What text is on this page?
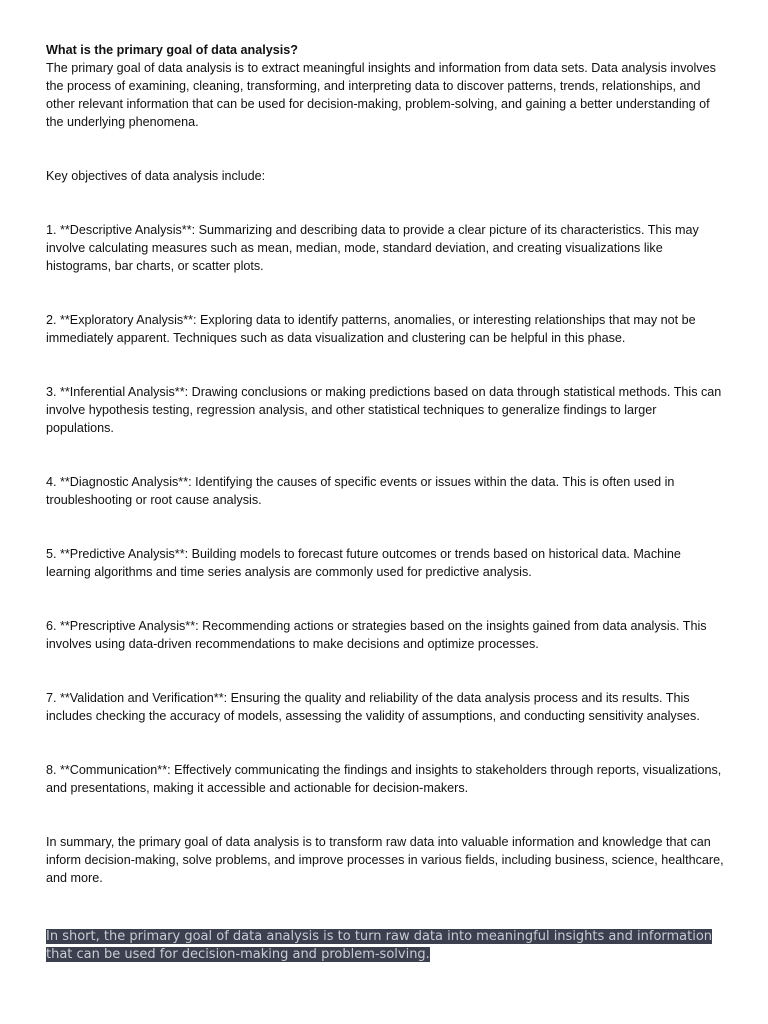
What is the primary goal of data analysis?

The primary goal of data analysis is to extract meaningful insights and information from data sets. Data analysis involves the process of examining, cleaning, transforming, and interpreting data to discover patterns, trends, relationships, and other relevant information that can be used for decision-making, problem-solving, and gaining a better understanding of the underlying phenomena.

Key objectives of data analysis include:

1. **Descriptive Analysis**: Summarizing and describing data to provide a clear picture of its characteristics. This may involve calculating measures such as mean, median, mode, standard deviation, and creating visualizations like histograms, bar charts, or scatter plots.

2. **Exploratory Analysis**: Exploring data to identify patterns, anomalies, or interesting relationships that may not be immediately apparent. Techniques such as data visualization and clustering can be helpful in this phase.

3. **Inferential Analysis**: Drawing conclusions or making predictions based on data through statistical methods. This can involve hypothesis testing, regression analysis, and other statistical techniques to generalize findings to larger populations.

4. **Diagnostic Analysis**: Identifying the causes of specific events or issues within the data. This is often used in troubleshooting or root cause analysis.

5. **Predictive Analysis**: Building models to forecast future outcomes or trends based on historical data. Machine learning algorithms and time series analysis are commonly used for predictive analysis.

6. **Prescriptive Analysis**: Recommending actions or strategies based on the insights gained from data analysis. This involves using data-driven recommendations to make decisions and optimize processes.

7. **Validation and Verification**: Ensuring the quality and reliability of the data analysis process and its results. This includes checking the accuracy of models, assessing the validity of assumptions, and conducting sensitivity analyses.

8. **Communication**: Effectively communicating the findings and insights to stakeholders through reports, visualizations, and presentations, making it accessible and actionable for decision-makers.

In summary, the primary goal of data analysis is to transform raw data into valuable information and knowledge that can inform decision-making, solve problems, and improve processes in various fields, including business, science, healthcare, and more.

In short, the primary goal of data analysis is to turn raw data into meaningful insights and information that can be used for decision-making and problem-solving.
